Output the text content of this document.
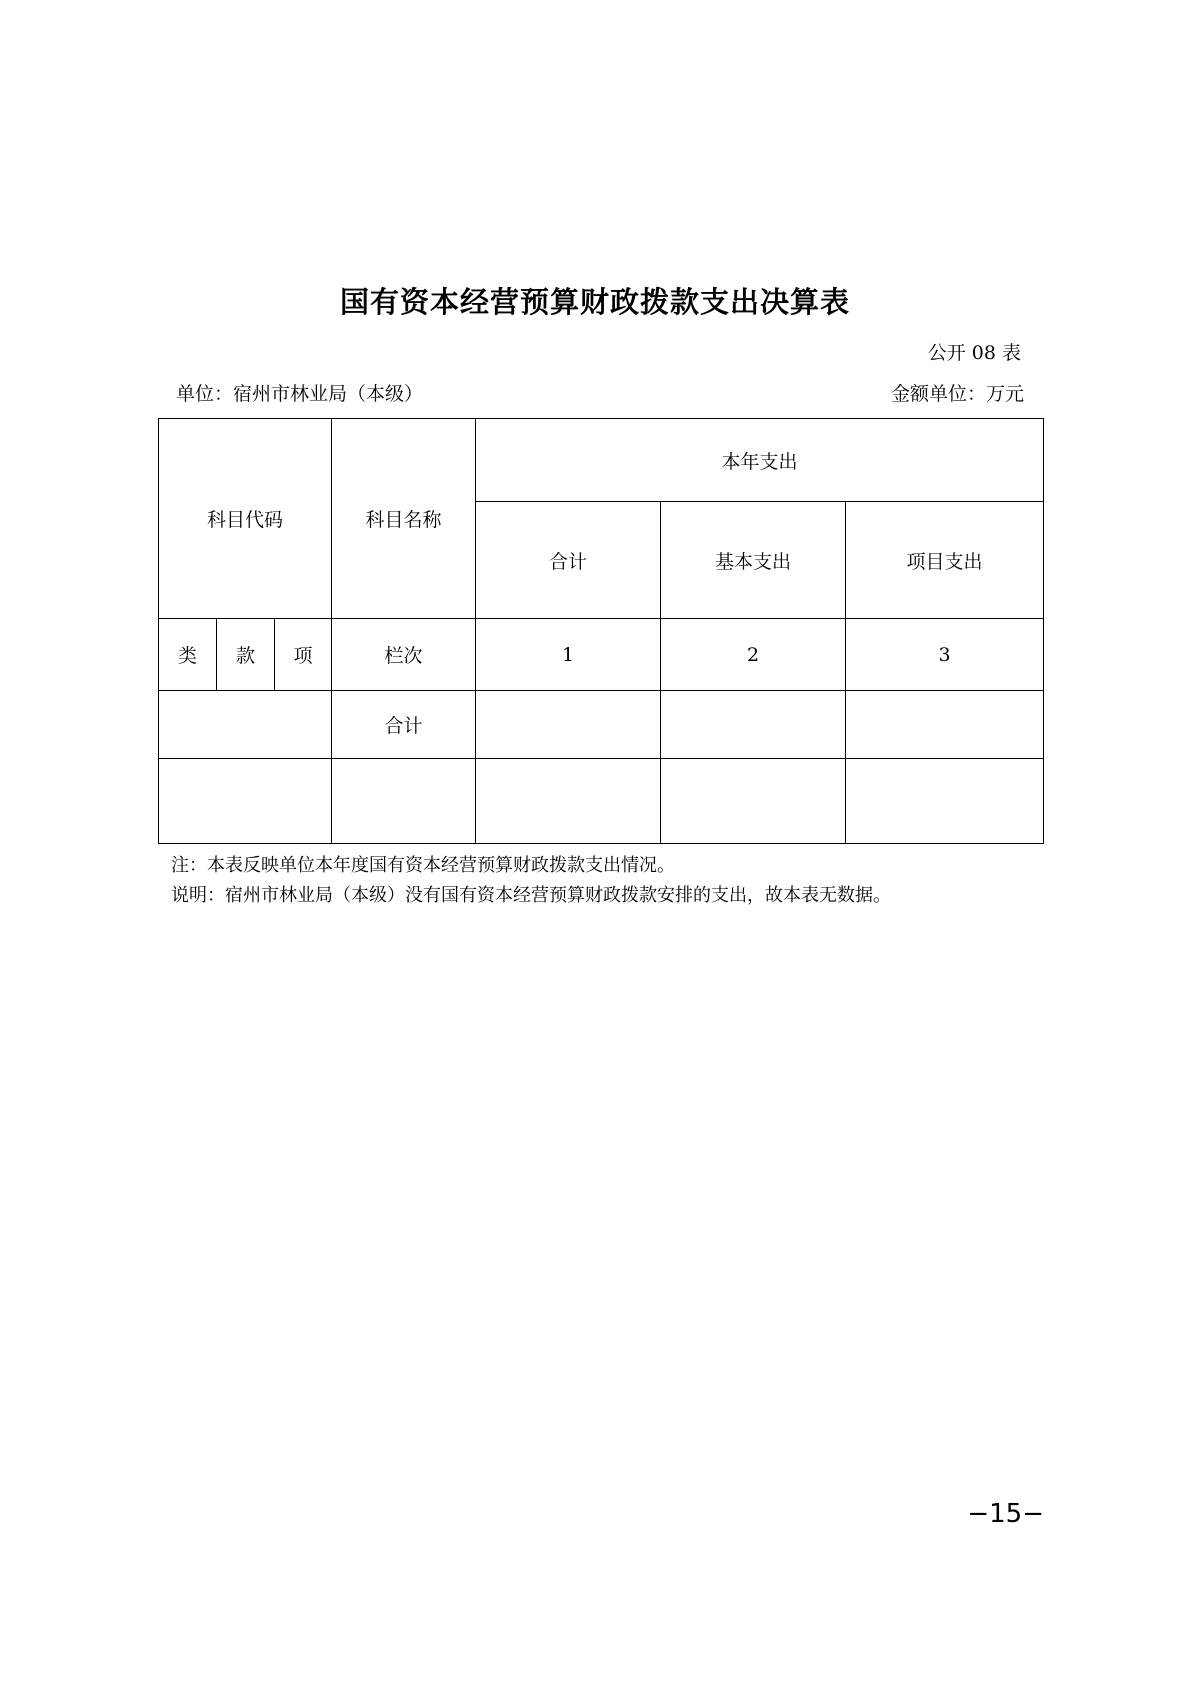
国有资本经营预算财政拨款支出决算表
公开 08 表
单位：宿州市林业局（本级）	金额单位：万元
科目代码			科目名称	本年支出		
				合计	基本支出	项目支出
类	款	项	栏次	1	2	3
			合计			

注：本表反映单位本年度国有资本经营预算财政拨款支出情况。
说明：宿州市林业局（本级）没有国有资本经营预算财政拨款安排的支出，故本表无数据。
−15−
